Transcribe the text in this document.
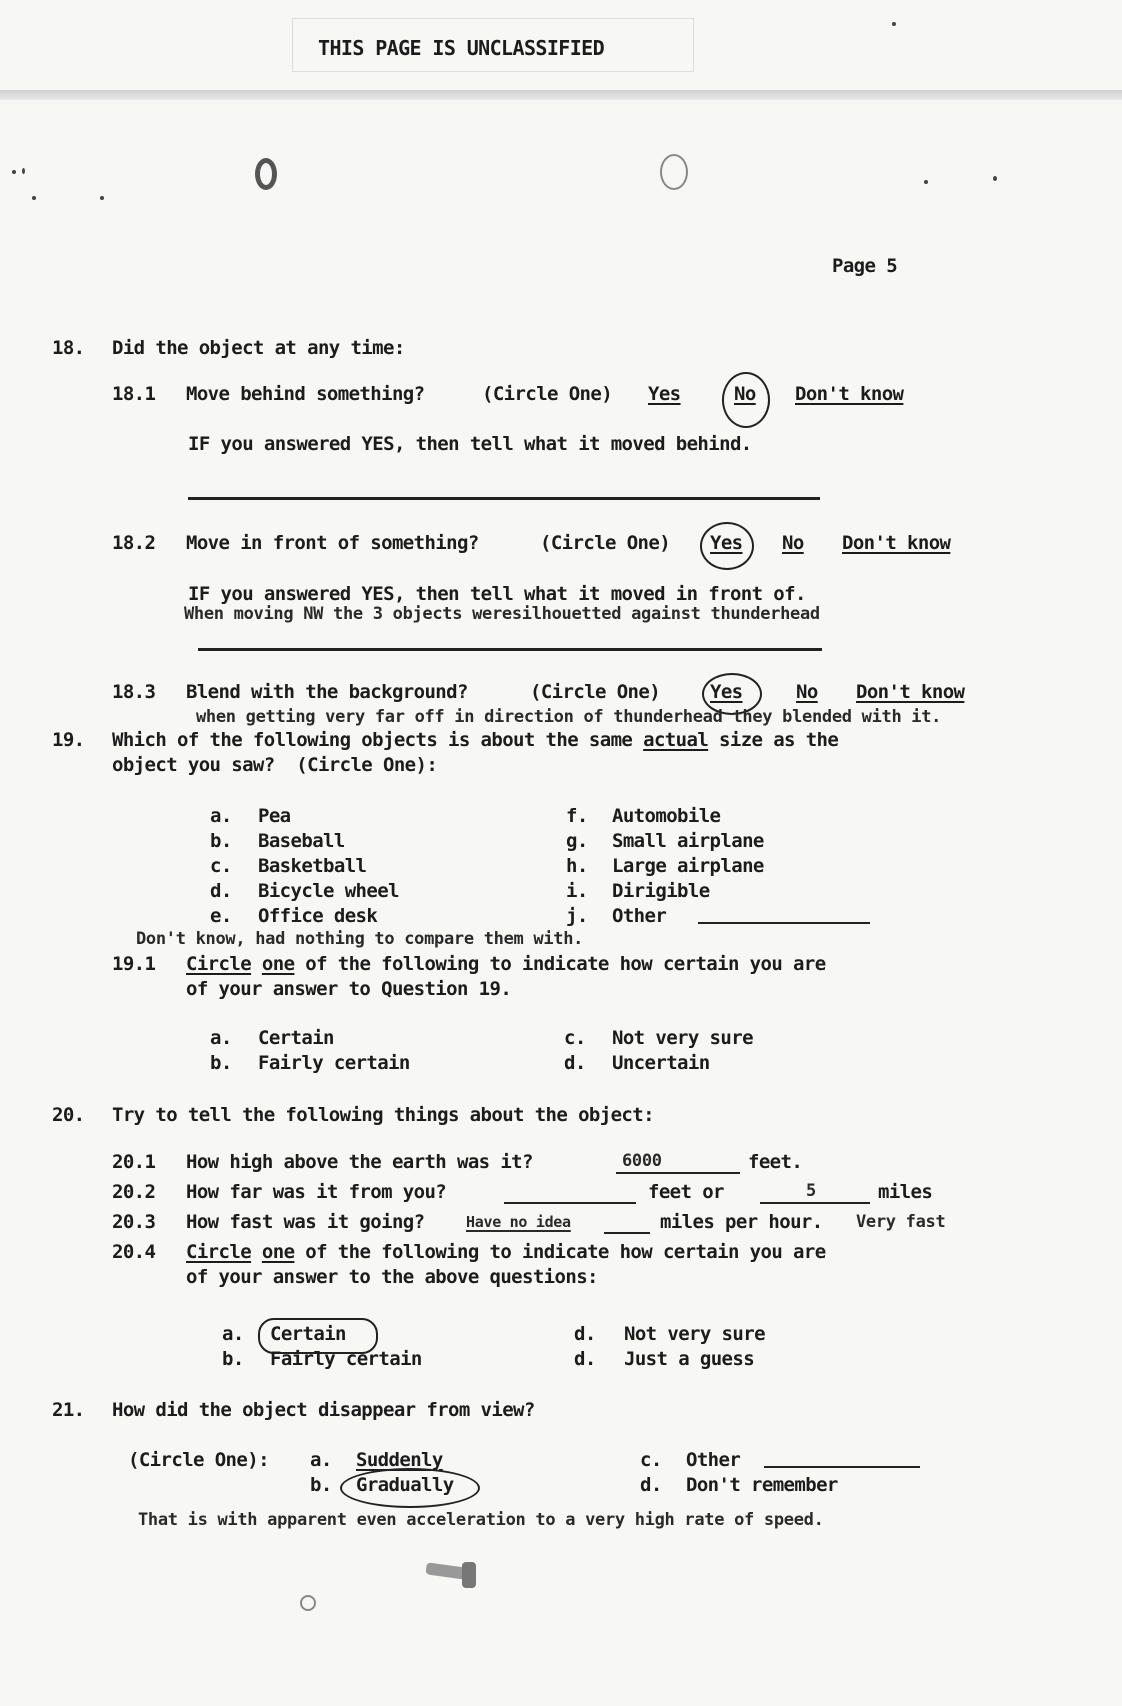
THIS PAGE IS UNCLASSIFIED
Page 5
18. Did the object at any time:
18.1 Move behind something?	(Circle One) Yes	No Don't know
IF you answered YES, then tell what it moved behind.
18.2 Move in front of something?	(Circle One) Yes No Don't know
IF you answered YES, then tell what it moved in front of.
When moving NW the 3 objects weresilhouetted against thunderhead
18.3 Blend with the background?	(Circle One)	Yes	No Don't know
when getting very far off in direction of thunderhead they blended with it.
19. Which of the following objects is about the same actual size as the
object you saw?  (Circle One):
a. Pea
b. Baseball
c. Basketball
d. Bicycle wheel
e. Office desk
f. Automobile
g. Small airplane
h. Large airplane
i. Dirigible
j. Other
Don't know, had nothing to compare them with.
19.1 Circle one of the following to indicate how certain you are
of your answer to Question 19.
a. Certain
b. Fairly certain
c. Not very sure
d. Uncertain
20. Try to tell the following things about the object:
20.1 How high above the earth was it?	6000	feet.
20.2 How far was it from you?	feet or	5	miles
20.3 How fast was it going?	Have no idea	miles per hour. Very fast
20.4 Circle one of the following to indicate how certain you are
of your answer to the above questions:
a. Certain
b. Fairly certain
d. Not very sure
d. Just a guess
21. How did the object disappear from view?
(Circle One): a. Suddenly
b. Gradually
c. Other
d. Don't remember
That is with apparent even acceleration to a very high rate of speed.
